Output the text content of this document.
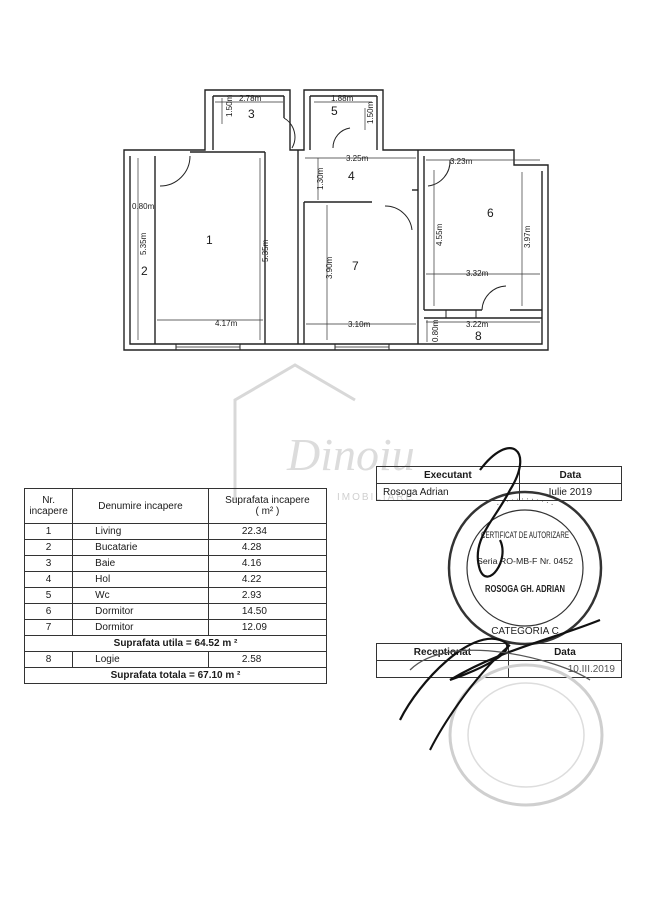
2.78m
1.50m	1.88m
1.50m
3.25m
1.30m
4.17m
5.35m
0.80m
5.35m
3.10m
3.90m
3.23m
4.55m	3.97m
3.32m
3.22m
0.80m
1
2
3
4
5
6
7
8
Dinoiu
IMOBILIARE
Nr. incapere	Denumire incapere	Suprafata incapere
( m² )
1	Living	22.34
2	Bucatarie	4.28
3	Baie	4.16
4	Hol	4.22
5	Wc	2.93
6	Dormitor	14.50
7	Dormitor	12.09
Suprafata utila = 64.52 m ²		
8	Logie	2.58
Suprafata totala = 67.10 m ²		
Executant	Data
Rosoga Adrian	Iulie 2019
Receptionat	Data
	10.III.2019
· · · · · · · · · · · ·
CERTIFICAT DE AUTORIZARE
Seria RO-MB-F Nr. 0452
ROSOGA GH. ADRIAN
CATEGORIA C
